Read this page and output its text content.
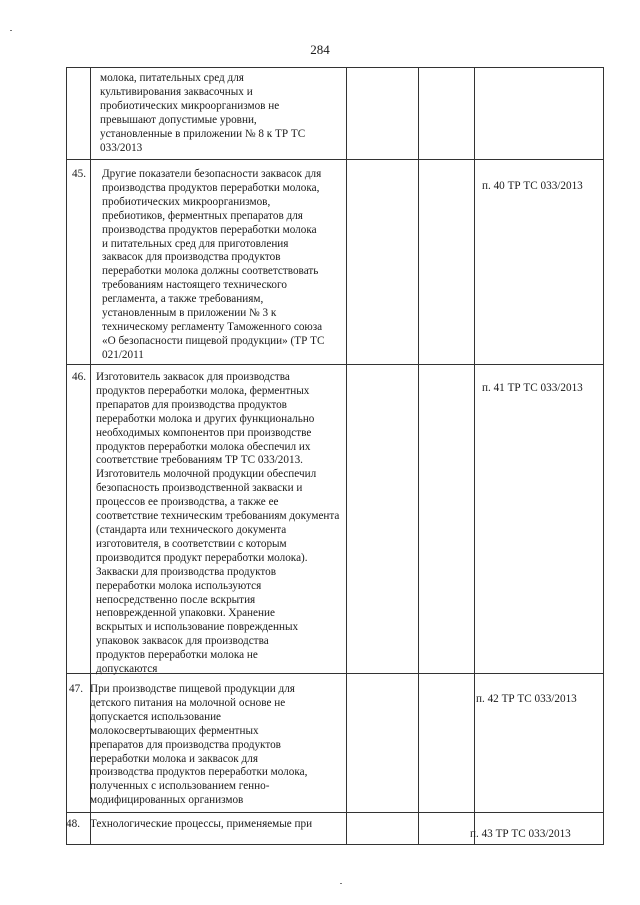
284
молока, питательных сред для
культивирования заквасочных и
пробиотических микроорганизмов не
превышают допустимые уровни,
установленные в приложении № 8 к ТР ТС
033/2013
45. Другие показатели безопасности заквасок для
производства продуктов переработки молока,
пробиотических микроорганизмов,
пребиотиков, ферментных препаратов для
производства продуктов переработки молока
и питательных сред для приготовления
заквасок для производства продуктов
переработки молока должны соответствовать
требованиям настоящего технического
регламента, а также требованиям,
установленным в приложении № 3 к
техническому регламенту Таможенного союза
«О безопасности пищевой продукции» (ТР ТС
021/2011
п. 40 ТР ТС 033/2013
46. Изготовитель заквасок для производства
продуктов переработки молока, ферментных
препаратов для производства продуктов
переработки молока и других функционально
необходимых компонентов при производстве
продуктов переработки молока обеспечил их
соответствие требованиям ТР ТС 033/2013.
Изготовитель молочной продукции обеспечил
безопасность производственной закваски и
процессов ее производства, а также ее
соответствие техническим требованиям документа
(стандарта или технического документа
изготовителя, в соответствии с которым
производится продукт переработки молока).
Закваски для производства продуктов
переработки молока используются
непосредственно после вскрытия
неповрежденной упаковки. Хранение
вскрытых и использование поврежденных
упаковок заквасок для производства
продуктов переработки молока не
допускаются
п. 41 ТР ТС 033/2013
47. При производстве пищевой продукции для
детского питания на молочной основе не
допускается использование
молокосвертывающих ферментных
препаратов для производства продуктов
переработки молока и заквасок для
производства продуктов переработки молока,
полученных с использованием генно-
модифицированных организмов
п. 42 ТР ТС 033/2013
48. Технологические процессы, применяемые при
п. 43 ТР ТС 033/2013
